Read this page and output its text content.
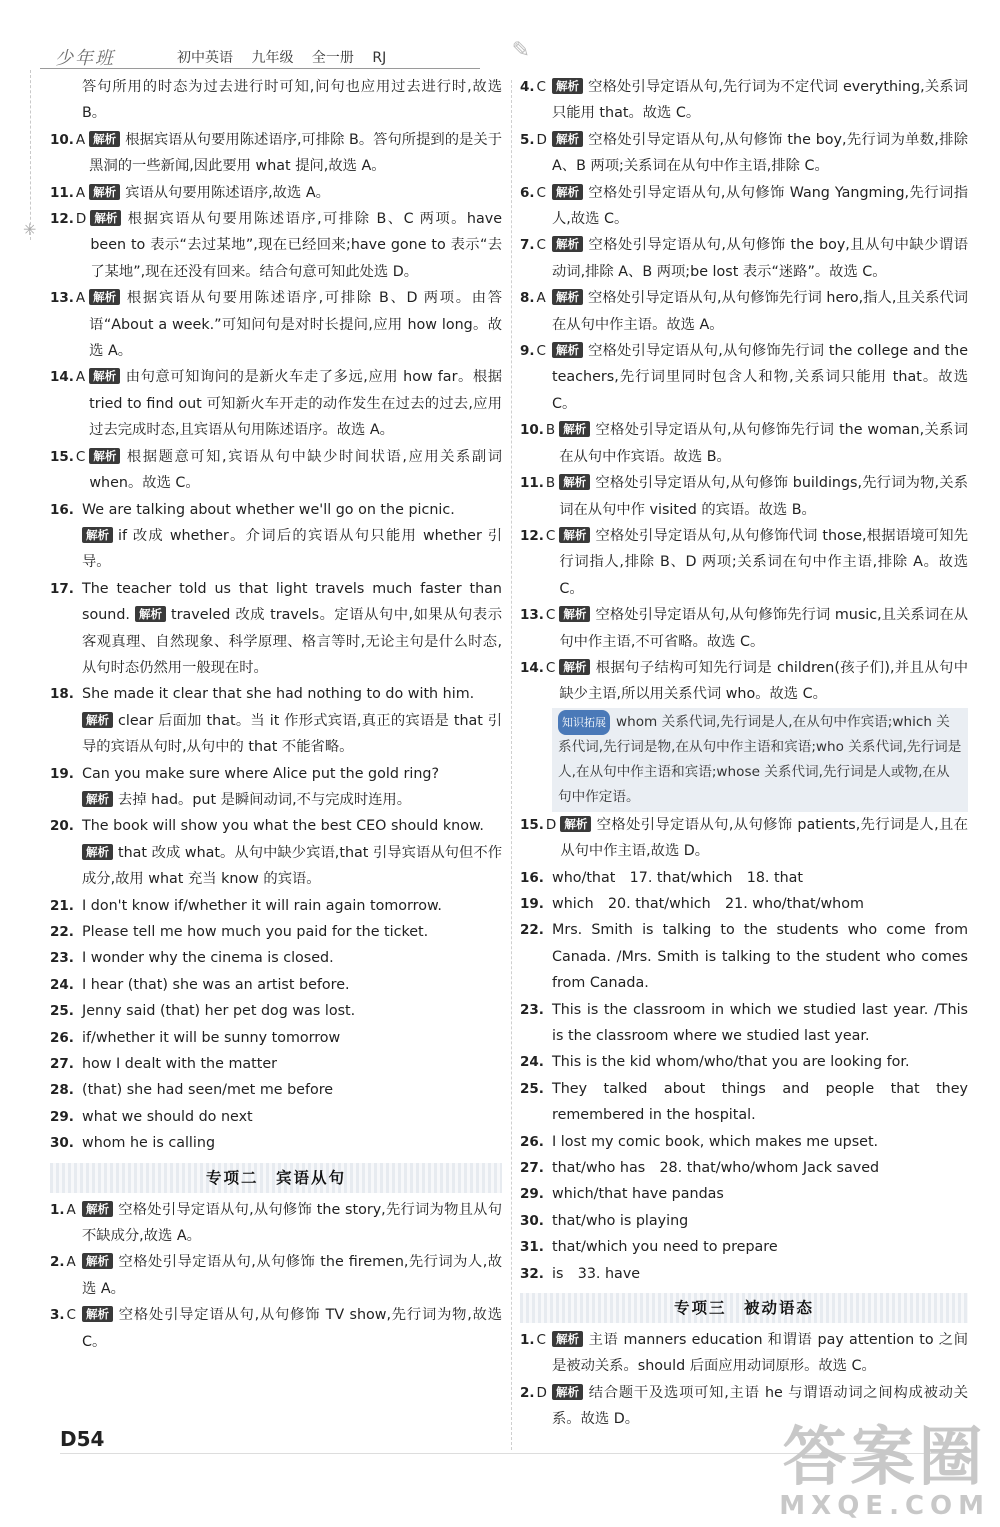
少年班	初中英语 九年级 全一册 RJ	✎
✳
答句所用的时态为过去进行时可知,问句也应用过去进行时,故选 B。
10. A 解析 根据宾语从句要用陈述语序,可排除 B。答句所提到的是关于黑洞的一些新闻,因此要用 what 提问,故选 A。
11. A 解析 宾语从句要用陈述语序,故选 A。
12. D 解析 根据宾语从句要用陈述语序,可排除 B、C 两项。have been to 表示“去过某地”,现在已经回来;have gone to 表示“去了某地”,现在还没有回来。结合句意可知此处选 D。
13. A 解析 根据宾语从句要用陈述语序,可排除 B、D 两项。由答语“About a week.”可知问句是对时长提问,应用 how long。故选 A。
14. A 解析 由句意可知询问的是新火车走了多远,应用 how far。根据 tried to find out 可知新火车开走的动作发生在过去的过去,应用过去完成时态,且宾语从句用陈述语序。故选 A。
15. C 解析 根据题意可知,宾语从句中缺少时间状语,应用关系副词 when。故选 C。
16. We are talking about whether we'll go on the picnic.
解析 if 改成 whether。介词后的宾语从句只能用 whether 引导。
17. The teacher told us that light travels much faster than sound. 解析 traveled 改成 travels。定语从句中,如果从句表示客观真理、自然现象、科学原理、格言等时,无论主句是什么时态,从句时态仍然用一般现在时。
18. She made it clear that she had nothing to do with him.
解析 clear 后面加 that。当 it 作形式宾语,真正的宾语是 that 引导的宾语从句时,从句中的 that 不能省略。
19. Can you make sure where Alice put the gold ring?
解析 去掉 had。put 是瞬间动词,不与完成时连用。
20. The book will show you what the best CEO should know.
解析 that 改成 what。从句中缺少宾语,that 引导宾语从句但不作成分,故用 what 充当 know 的宾语。
21. I don't know if/whether it will rain again tomorrow.
22. Please tell me how much you paid for the ticket.
23. I wonder why the cinema is closed.
24. I hear (that) she was an artist before.
25. Jenny said (that) her pet dog was lost.
26. if/whether it will be sunny tomorrow
27. how I dealt with the matter
28. (that) she had seen/met me before
29. what we should do next
30. whom he is calling
专项二　宾语从句
1. A 解析 空格处引导定语从句,从句修饰 the story,先行词为物且从句不缺成分,故选 A。
2. A 解析 空格处引导定语从句,从句修饰 the firemen,先行词为人,故选 A。
3. C 解析 空格处引导定语从句,从句修饰 TV show,先行词为物,故选 C。
4. C 解析 空格处引导定语从句,先行词为不定代词 everything,关系词只能用 that。故选 C。
5. D 解析 空格处引导定语从句,从句修饰 the boy,先行词为单数,排除 A、B 两项;关系词在从句中作主语,排除 C。
6. C 解析 空格处引导定语从句,从句修饰 Wang Yangming,先行词指人,故选 C。
7. C 解析 空格处引导定语从句,从句修饰 the boy,且从句中缺少谓语动词,排除 A、B 两项;be lost 表示“迷路”。故选 C。
8. A 解析 空格处引导定语从句,从句修饰先行词 hero,指人,且关系代词在从句中作主语。故选 A。
9. C 解析 空格处引导定语从句,从句修饰先行词 the college and the teachers,先行词里同时包含人和物,关系词只能用 that。故选 C。
10. B 解析 空格处引导定语从句,从句修饰先行词 the woman,关系词在从句中作宾语。故选 B。
11. B 解析 空格处引导定语从句,从句修饰 buildings,先行词为物,关系词在从句中作 visited 的宾语。故选 B。
12. C 解析 空格处引导定语从句,从句修饰代词 those,根据语境可知先行词指人,排除 B、D 两项;关系词在句中作主语,排除 A。故选 C。
13. C 解析 空格处引导定语从句,从句修饰先行词 music,且关系词在从句中作主语,不可省略。故选 C。
14. C 解析 根据句子结构可知先行词是 children(孩子们),并且从句中缺少主语,所以用关系代词 who。故选 C。
知识拓展 whom 关系代词,先行词是人,在从句中作宾语;which 关系代词,先行词是物,在从句中作主语和宾语;who 关系代词,先行词是人,在从句中作主语和宾语;whose 关系代词,先行词是人或物,在从句中作定语。
15. D 解析 空格处引导定语从句,从句修饰 patients,先行词是人,且在从句中作主语,故选 D。
16. who/that　17. that/which　18. that
19. which　20. that/which　21. who/that/whom
22. Mrs. Smith is talking to the students who come from Canada. /Mrs. Smith is talking to the student who comes from Canada.
23. This is the classroom in which we studied last year. /This is the classroom where we studied last year.
24. This is the kid whom/who/that you are looking for.
25. They talked about things and people that they remembered in the hospital.
26. I lost my comic book, which makes me upset.
27. that/who has　28. that/who/whom Jack saved
29. which/that have pandas
30. that/who is playing
31. that/which you need to prepare
32. is　33. have
专项三　被动语态
1. C 解析 主语 manners education 和谓语 pay attention to 之间是被动关系。should 后面应用动词原形。故选 C。
2. D 解析 结合题干及选项可知,主语 he 与谓语动词之间构成被动关系。故选 D。
D54	答案圈
MXQE.COM
